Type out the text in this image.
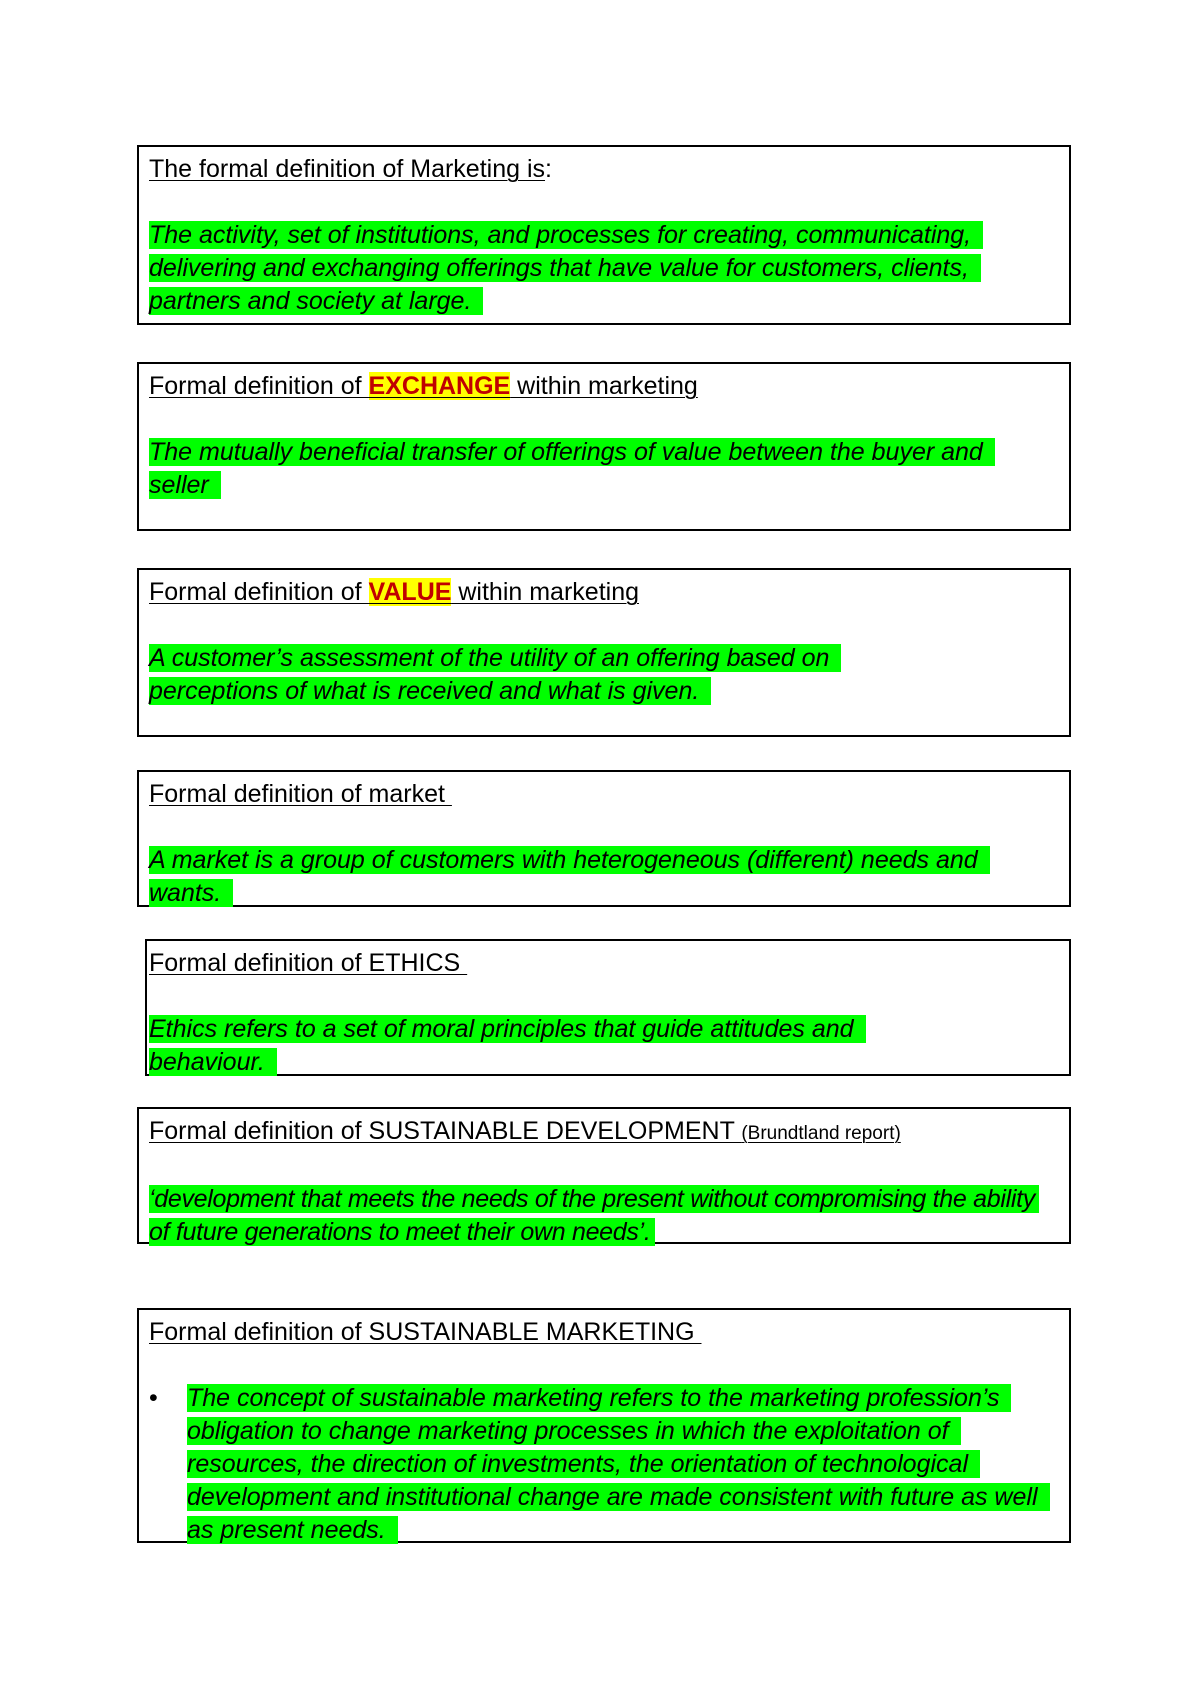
The formal definition of Marketing is:

The activity, set of institutions, and processes for creating, communicating, delivering and exchanging offerings that have value for customers, clients, partners and society at large.

Formal definition of EXCHANGE within marketing

The mutually beneficial transfer of offerings of value between the buyer and seller

Formal definition of VALUE within marketing

A customer’s assessment of the utility of an offering based on perceptions of what is received and what is given.

Formal definition of market

A market is a group of customers with heterogeneous (different) needs and wants.

Formal definition of ETHICS

Ethics refers to a set of moral principles that guide attitudes and behaviour.

Formal definition of SUSTAINABLE DEVELOPMENT (Brundtland report)

‘development that meets the needs of the present without compromising the ability of future generations to meet their own needs’.

Formal definition of SUSTAINABLE MARKETING

•	The concept of sustainable marketing refers to the marketing profession’s obligation to change marketing processes in which the exploitation of resources, the direction of investments, the orientation of technological development and institutional change are made consistent with future as well as present needs.
